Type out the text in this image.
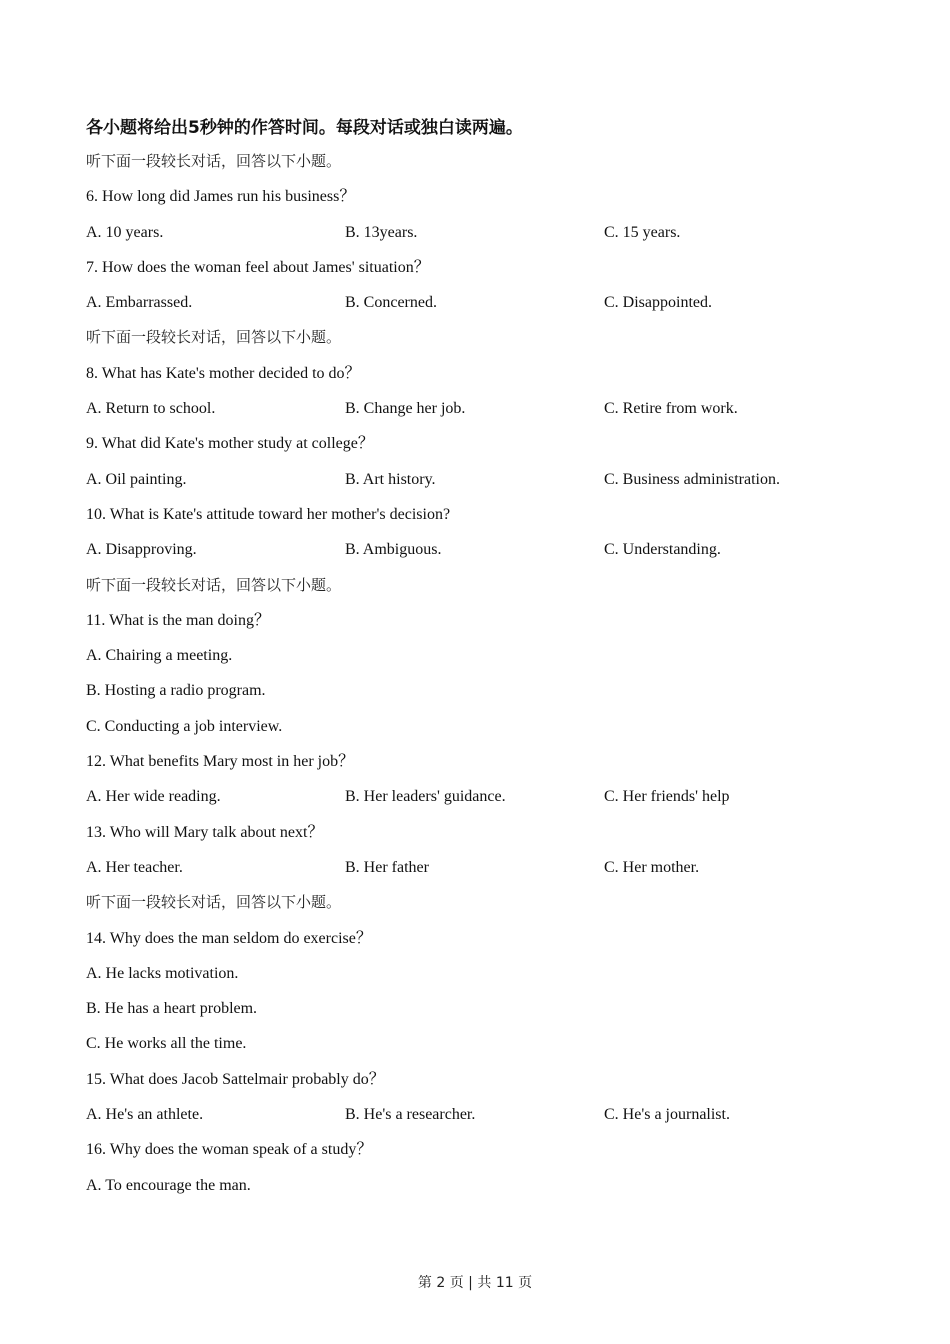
各小题将给出5秒钟的作答时间。每段对话或独白读两遍。

听下面一段较长对话，回答以下小题。

6. How long did James run his business？

A. 10 years.	B. 13years.	C. 15 years.

7. How does the woman feel about James' situation？

A. Embarrassed.	B. Concerned.	C. Disappointed.

听下面一段较长对话，回答以下小题。

8. What has Kate's mother decided to do？

A. Return to school.	B. Change her job.	C. Retire from work.

9. What did Kate's mother study at college？

A. Oil painting.	B. Art history.	C. Business administration.

10. What is Kate's attitude toward her mother's decision?

A. Disapproving.	B. Ambiguous.	C. Understanding.

听下面一段较长对话，回答以下小题。

11. What is the man doing？

A. Chairing a meeting.

B. Hosting a radio program.

C. Conducting a job interview.

12. What benefits Mary most in her job？

A. Her wide reading.	B. Her leaders' guidance.	C. Her friends' help

13. Who will Mary talk about next？

A. Her teacher.	B. Her father	C. Her mother.

听下面一段较长对话，回答以下小题。

14. Why does the man seldom do exercise？

A. He lacks motivation.

B. He has a heart problem.

C. He works all the time.

15. What does Jacob Sattelmair probably do？

A. He's an athlete.	B. He's a researcher.	C. He's a journalist.

16. Why does the woman speak of a study？

A. To encourage the man.

第 2 页 | 共 11 页
